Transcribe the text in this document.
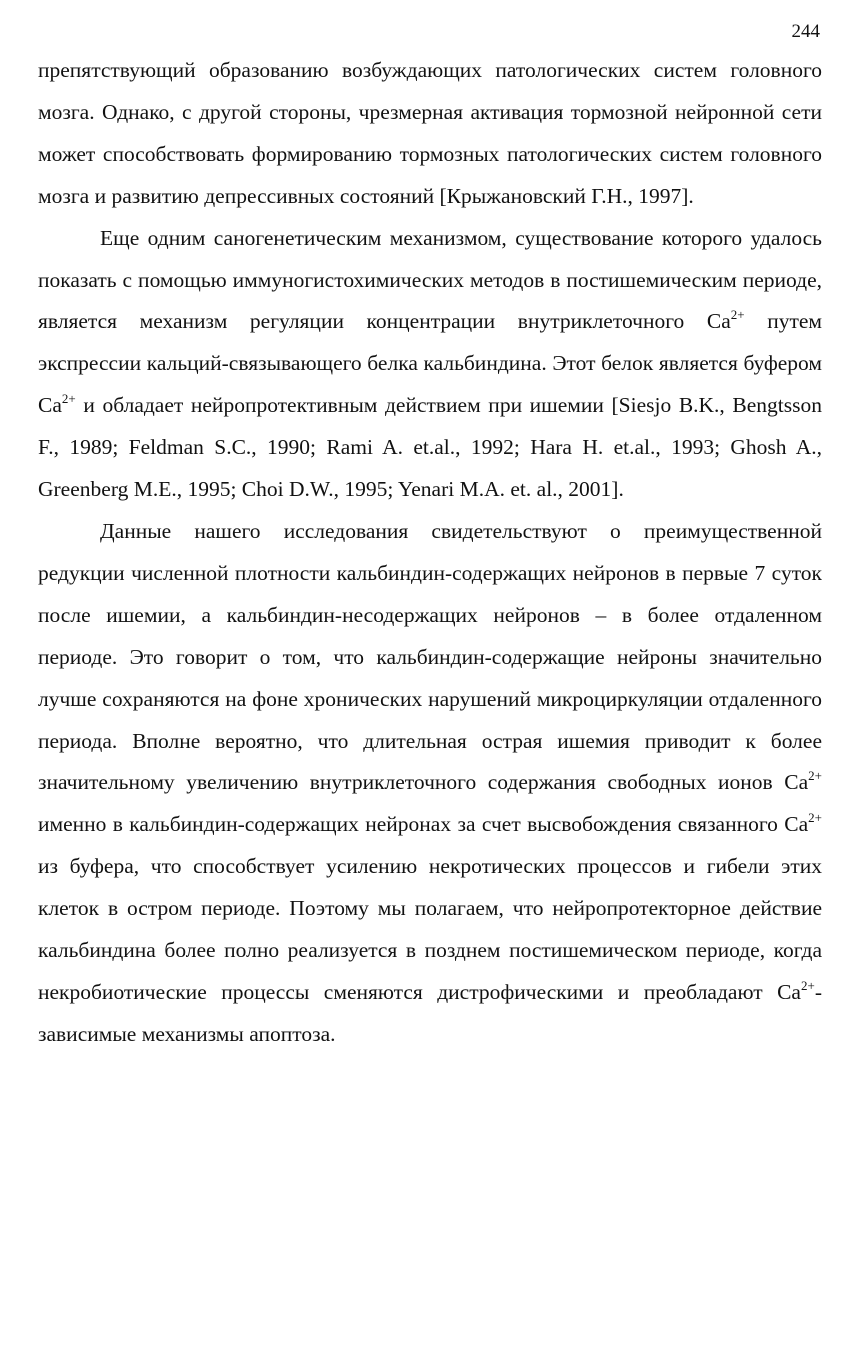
244

препятствующий образованию возбуждающих патологических систем головного мозга. Однако, с другой стороны, чрезмерная активация тормозной нейронной сети может способствовать формированию тормозных патологических систем головного мозга и развитию депрессивных состояний [Крыжановский Г.Н., 1997].

Еще одним саногенетическим механизмом, существование которого удалось показать с помощью иммуногистохимических методов в постишемическим периоде, является механизм регуляции концентрации внутриклеточного $Ca^{2+}$ путем экспрессии кальций-связывающего белка кальбиндина. Этот белок является буфером $Ca^{2+}$ и обладает нейропротективным действием при ишемии [Siesjo B.K., Bengtsson F., 1989; Feldman S.C., 1990; Rami A. et.al., 1992; Hara H. et.al., 1993; Ghosh A., Greenberg M.E., 1995; Choi D.W., 1995; Yenari M.A. et. al., 2001].

Данные нашего исследования свидетельствуют о преимущественной редукции численной плотности кальбиндин-содержащих нейронов в первые 7 суток после ишемии, а кальбиндин-несодержащих нейронов – в более отдаленном периоде. Это говорит о том, что кальбиндин-содержащие нейроны значительно лучше сохраняются на фоне хронических нарушений микроциркуляции отдаленного периода. Вполне вероятно, что длительная острая ишемия приводит к более значительному увеличению внутриклеточного содержания свободных ионов $Ca^{2+}$ именно в кальбиндин-содержащих нейронах за счет высвобождения связанного $Ca^{2+}$ из буфера, что способствует усилению некротических процессов и гибели этих клеток в остром периоде. Поэтому мы полагаем, что нейропротекторное действие кальбиндина более полно реализуется в позднем постишемическом периоде, когда некробиотические процессы сменяются дистрофическими и преобладают $Ca^{2+}$-зависимые механизмы апоптоза.
